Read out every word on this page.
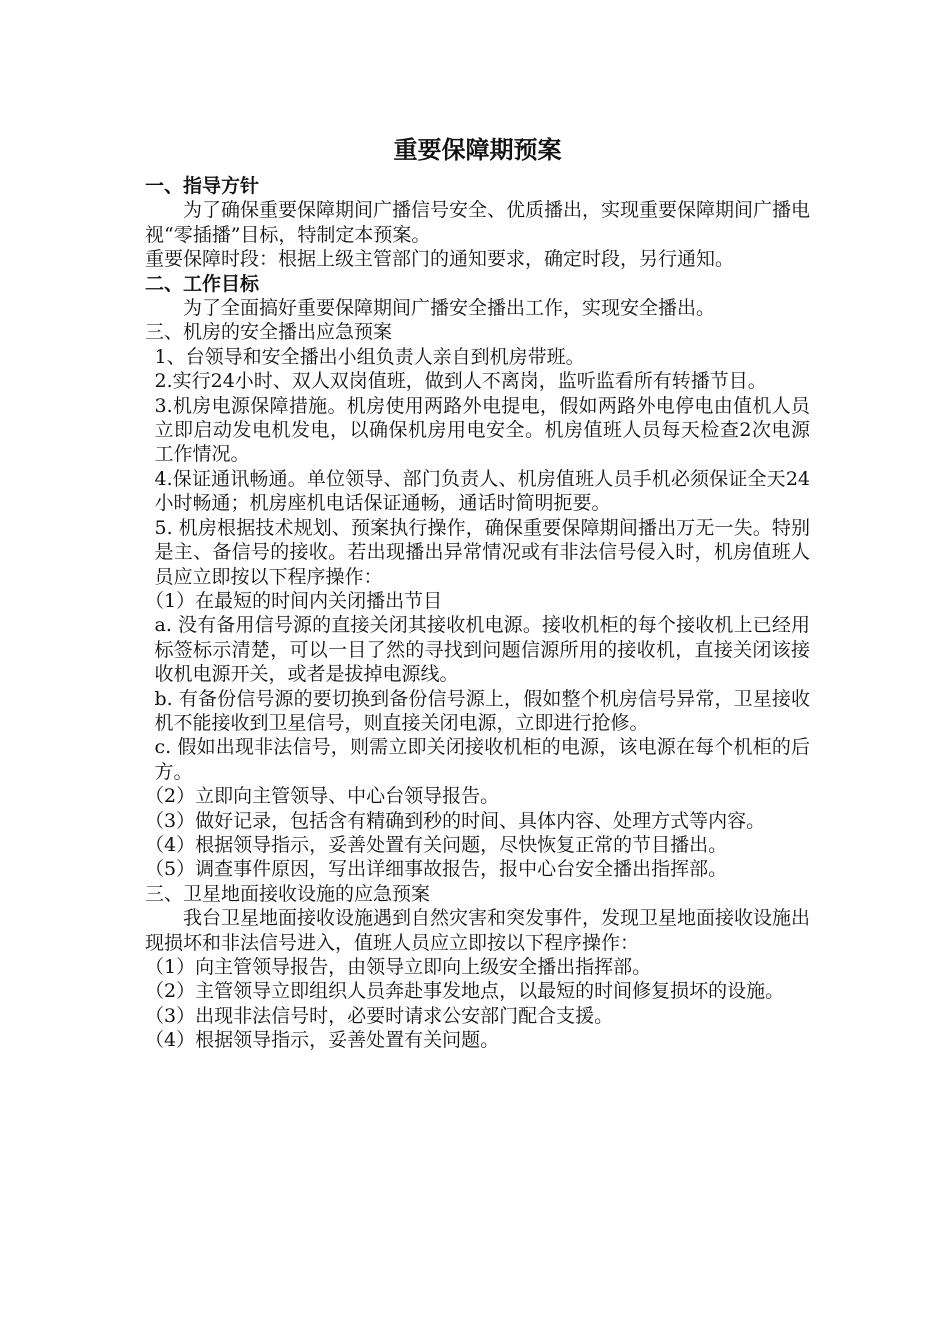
重要保障期预案

一、指导方针

为了确保重要保障期间广播信号安全、优质播出，实现重要保障期间广播电视“零插播”目标，特制定本预案。

重要保障时段：根据上级主管部门的通知要求，确定时段，另行通知。

二、工作目标

为了全面搞好重要保障期间广播安全播出工作，实现安全播出。

三、机房的安全播出应急预案

1、台领导和安全播出小组负责人亲自到机房带班。

2.实行24小时、双人双岗值班，做到人不离岗，监听监看所有转播节目。

3.机房电源保障措施。机房使用两路外电提电，假如两路外电停电由值机人员立即启动发电机发电，以确保机房用电安全。机房值班人员每天检查2次电源工作情况。

4.保证通讯畅通。单位领导、部门负责人、机房值班人员手机必须保证全天24小时畅通；机房座机电话保证通畅，通话时简明扼要。

5. 机房根据技术规划、预案执行操作，确保重要保障期间播出万无一失。特别是主、备信号的接收。若出现播出异常情况或有非法信号侵入时，机房值班人员应立即按以下程序操作：

（1）在最短的时间内关闭播出节目

a. 没有备用信号源的直接关闭其接收机电源。接收机柜的每个接收机上已经用标签标示清楚，可以一目了然的寻找到问题信源所用的接收机，直接关闭该接收机电源开关，或者是拔掉电源线。

b. 有备份信号源的要切换到备份信号源上，假如整个机房信号异常，卫星接收机不能接收到卫星信号，则直接关闭电源，立即进行抢修。

c. 假如出现非法信号，则需立即关闭接收机柜的电源，该电源在每个机柜的后方。

（2）立即向主管领导、中心台领导报告。

（3）做好记录，包括含有精确到秒的时间、具体内容、处理方式等内容。

（4）根据领导指示，妥善处置有关问题，尽快恢复正常的节目播出。

（5）调查事件原因，写出详细事故报告，报中心台安全播出指挥部。

三、卫星地面接收设施的应急预案

我台卫星地面接收设施遇到自然灾害和突发事件，发现卫星地面接收设施出现损坏和非法信号进入，值班人员应立即按以下程序操作：

（1）向主管领导报告，由领导立即向上级安全播出指挥部。

（2）主管领导立即组织人员奔赴事发地点，以最短的时间修复损坏的设施。

（3）出现非法信号时，必要时请求公安部门配合支援。

（4）根据领导指示，妥善处置有关问题。
